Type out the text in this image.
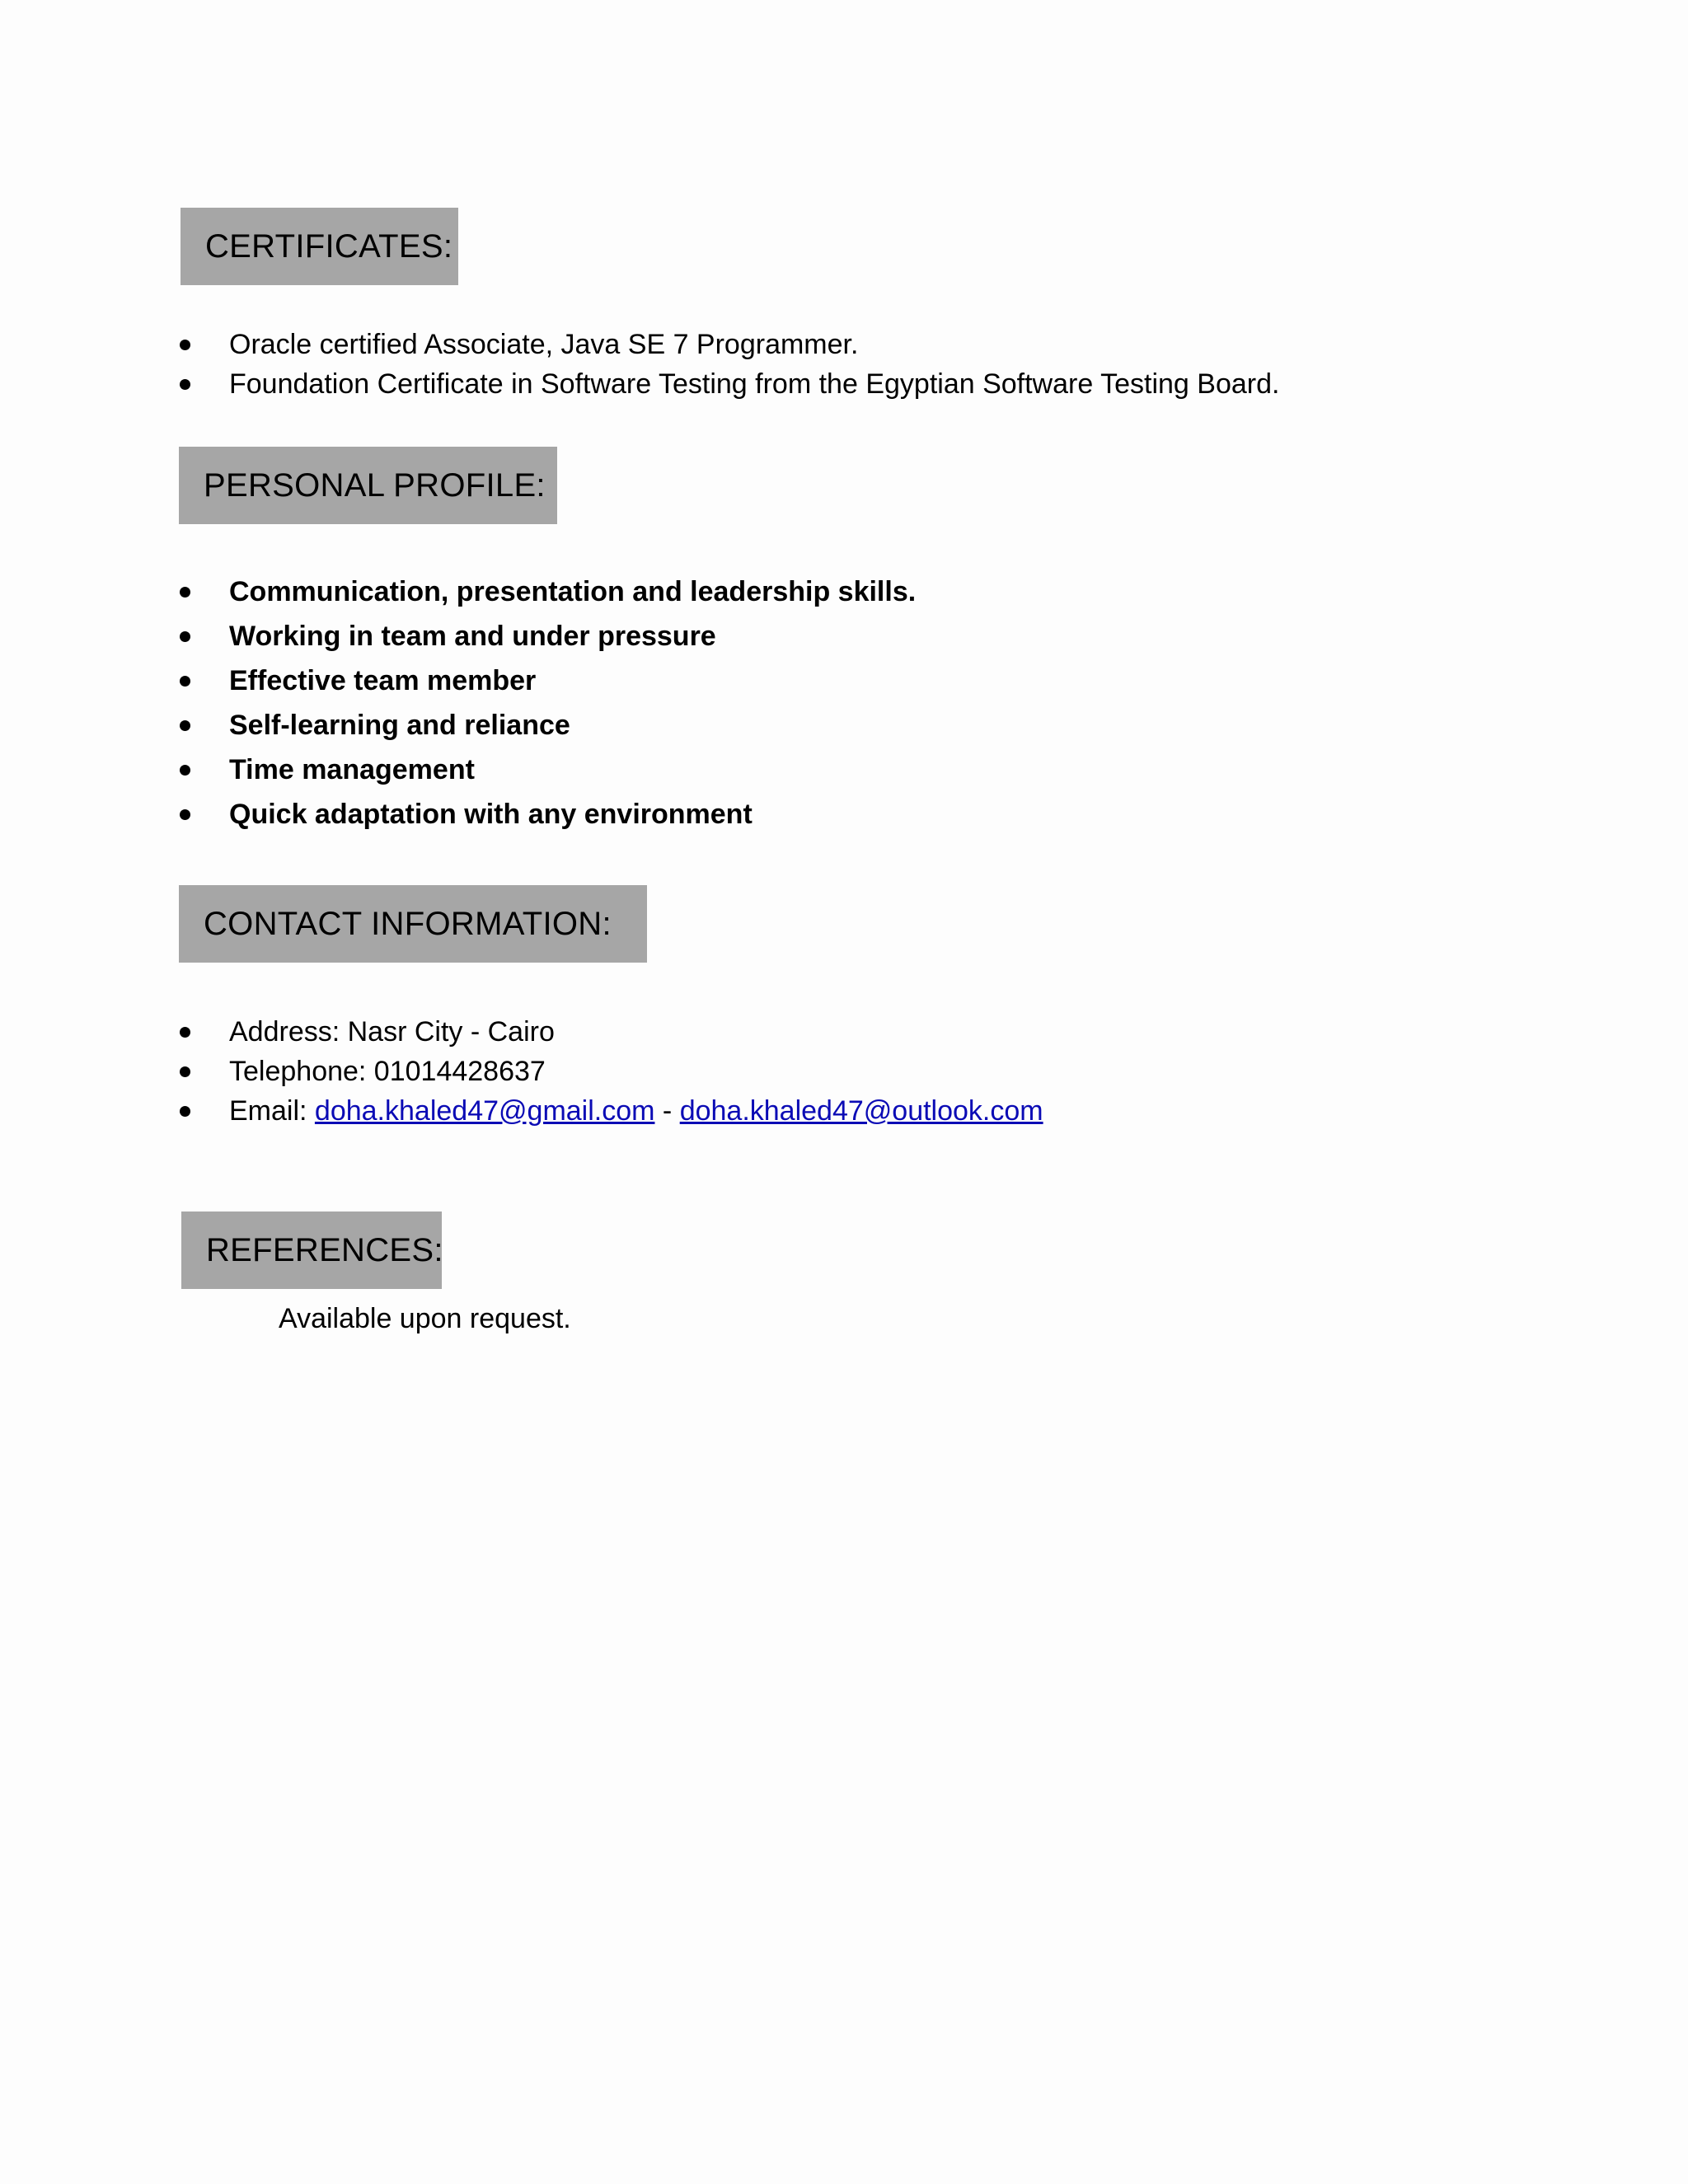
CERTIFICATES:
Oracle certified Associate, Java SE 7 Programmer.
Foundation Certificate in Software Testing from the Egyptian Software Testing Board.
PERSONAL PROFILE:
Communication, presentation and leadership skills.
Working in team and under pressure
Effective team member
Self-learning and reliance
Time management
Quick adaptation with any environment
CONTACT INFORMATION:
Address: Nasr City - Cairo
Telephone: 01014428637
Email: doha.khaled47@gmail.com - doha.khaled47@outlook.com
REFERENCES:
Available upon request.
